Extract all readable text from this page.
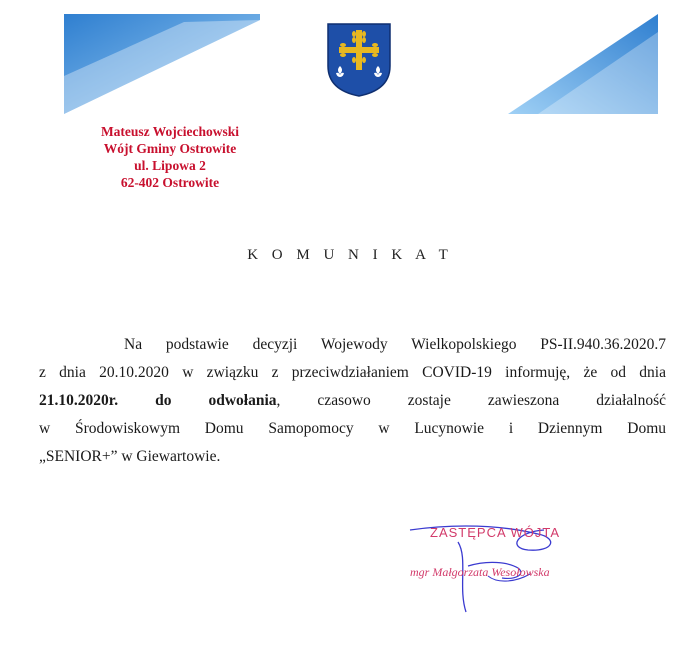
Mateusz Wojciechowski
Wójt Gminy Ostrowite
ul. Lipowa 2
62-402 Ostrowite
K O M U N I K A T
Na podstawie decyzji Wojewody Wielkopolskiego PS-II.940.36.2020.7
z dnia 20.10.2020 w związku z przeciwdziałaniem COVID-19 informuję, że od dnia
21.10.2020r. do odwołania, czasowo zostaje zawieszona działalność
w Środowiskowym Domu Samopomocy w Lucynowie i Dziennym Domu
„SENIOR+” w Giewartowie.
ZASTĘPCA WÓJTA
mgr Małgorzata Wesołowska
